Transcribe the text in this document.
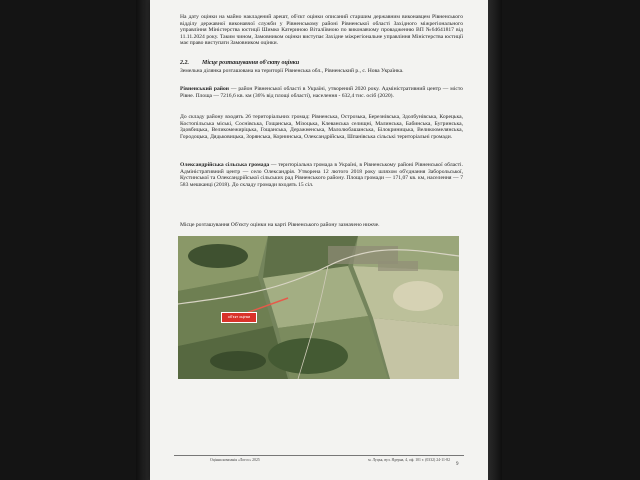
На дату оцінки на майно накладений арешт, об'єкт оцінки описаний старшим державним виконавцем Рівненського відділу державної виконавчої служби у Рівненському районі Рівненської області Західного міжрегіонального управління Міністерства юстиції Шимко Катериною Віталіївною по виконавчому провадженню ВП №64641817 від 11.11.2024 року. Таким чином, Замовником оцінки виступає Західне міжрегіональне управління Міністерства юстиції має право виступати Замовником оцінки.

2.2. Місце розташування об'єкту оцінки

Земельна ділянка розташована на території Рівненська обл., Рівненський р., с. Нова Українка.

Рівненський район — район Рівненської області в Україні, утворений 2020 року. Адміністративний центр — місто Рівне. Площа — 7216,6 кв. км (36% від площі області), населення - 632,4 тис. осіб (2020).

До складу району входять 26 територіальних громад: Рівненська, Острозька, Березнівська, Здолбунівська, Корецька, Костопільська міські, Соснівська, Гощанська, Мізоцька, Клеванська селищні, Малинська, Бабинська, Бугринська, Здовбицька, Великомежиріцька, Гощанська, Деражненська, Малолюбашанська, Білокриницька, Великоомелянська, Городоцька, Дядьковицька, Зорянська, Корнинська, Олександрійська, Шпанівська сільські територіальні громади.

Олександрійська сільська громада — територіальна громада в Україні, в Рівненському районі Рівненської області. Адміністративний центр — село Олександрія. Утворена 12 лютого 2018 року шляхом об'єднання Заборольської, Кустинської та Олександрійської сільських рад Рівненського району. Площа громади — 171,07 кв. км, населення — 7 583 мешканці (2018). До складу громади входять 15 сіл.

Місце розташування Об'єкту оцінки на карті Рівненського району зазначено нижче.

об'єкт оцінки
Оцінна компанія «Логос» 2025	м. Луцьк, вул. Ядерна, 4, оф. 101 т. (0332) 24-11-82
9
